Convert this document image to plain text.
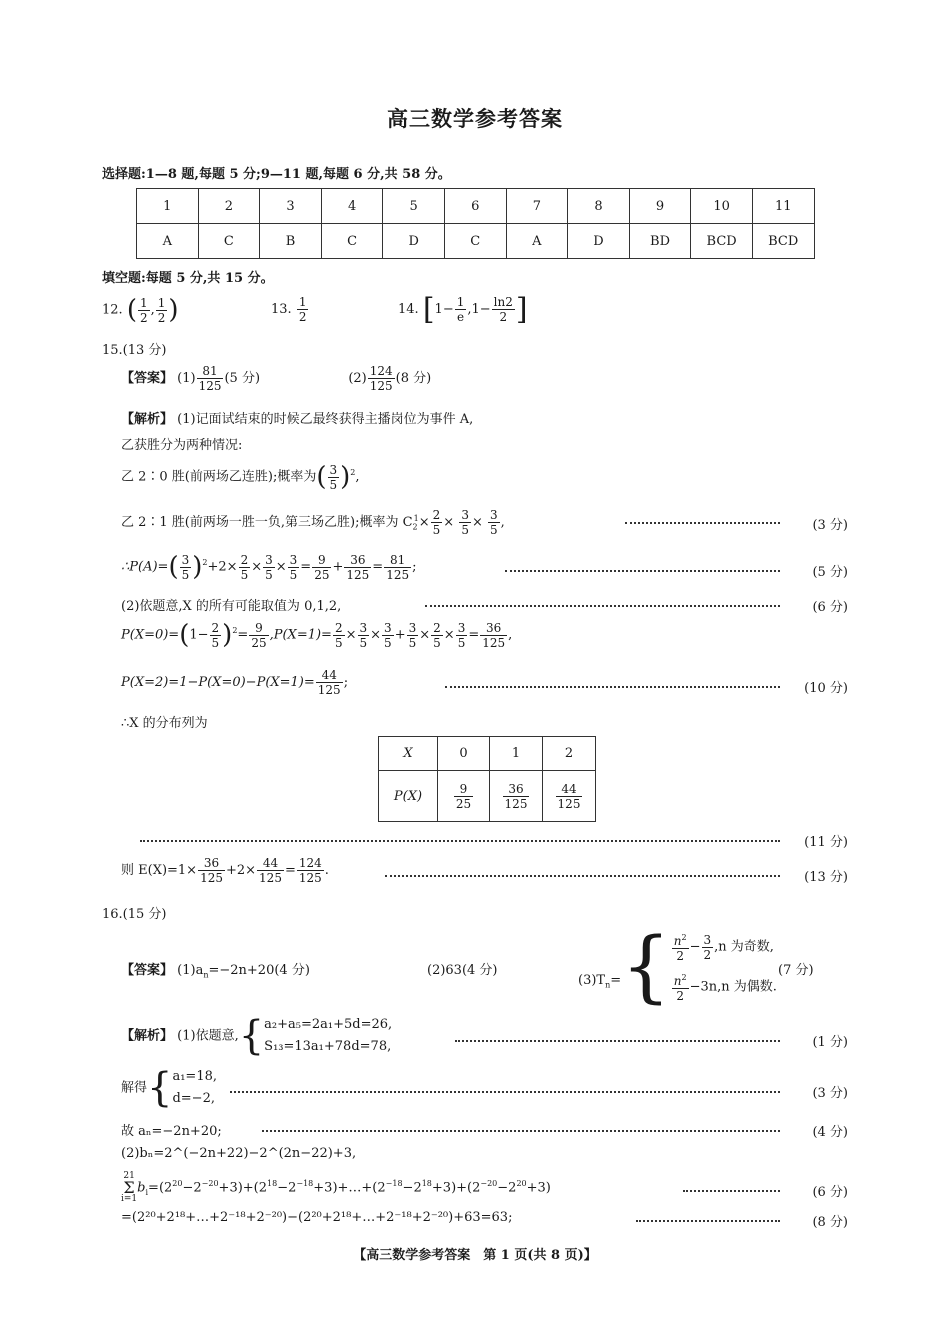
高三数学参考答案
选择题:1—8 题,每题 5 分;9—11 题,每题 6 分,共 58 分。
1	2	3	4	5	6	7	8	9	10	11
A	C	B	C	D	C	A	D	BD	BCD	BCD
填空题:每题 5 分,共 15 分。
12. ( $\frac{1}{2}$ , $\frac{1}{2}$ )	13. $\frac{1}{2}$	14. [$1- \frac{1}{e} ,1- \frac{\ln 2}{2}$ ]
15.(13 分)
【答案】 $(1) \frac{81}{125} (5$ 分)	$(2) \frac{124}{125} (8$ 分)
【解析】 (1)记面试结束的时候乙最终获得主播岗位为事件 A,
乙获胜分为两种情况:
乙 2∶0 胜(前两场乙连胜);概率为( $\frac{3}{5} )^2$,
乙 2∶1 胜(前两场一胜一负,第三场乙胜);概率为 $C_2^1\times \frac{2}{5} \times \frac{3}{5} \times \frac{3}{5}$ ,	(3 分)
∴P(A)=( $\frac{3}{5} )^2+2\times \frac{2}{5} \times \frac{3}{5} \times \frac{3}{5} = \frac{9}{25} + \frac{36}{125} = \frac{81}{125}$ ;	(5 分)
(2)依题意,X 的所有可能取值为 0,1,2,	(6 分)
$P(X=0)=(1- \frac{2}{5} )^2= \frac{9}{25} ,P(X=1)= \frac{2}{5} \times \frac{3}{5} \times \frac{3}{5} + \frac{3}{5} \times \frac{2}{5} \times \frac{3}{5} = \frac{36}{125}$ ,
$P(X=2)=1-P(X=0)-P(X=1)= \frac{44}{125}$ ;	(10 分)
∴X 的分布列为
X	0	1	2
P(X)	$\frac{9}{25}$	$\frac{36}{125}$	$\frac{44}{125}$
(11 分)
则 $E(X)=1\times \frac{36}{125} +2\times \frac{44}{125} = \frac{124}{125}$ .	(13 分)
16.(15 分)
【答案】 $(1)a_n=-2n+20(4$ 分)	(2)63(4 分)
$(3)T_n=\{ \frac{n^2}{2} - \frac{3}{2} ,n$ 为奇数,
$\frac{n^2}{2} -3n,n$ 为偶数.
(7 分)
【解析】 (1)依题意,{ a₂+a₅=2a₁+5d=26,
S₁₃=13a₁+78d=78,	(1 分)
解得{ a₁=18,
d=−2,	(3 分)
故 aₙ=−2n+20;	(4 分)
(2)bₙ=2^(−2n+22)−2^(2n−22)+3,
21
Σ
i=1
$b_i=(2^{20}-2^{-20}+3)+(2^{18}-2^{-18}+3)+\dots+(2^{-18}-2^{18}+3)+(2^{-20}-2^{20}+3)$	(6 分)
=(2²⁰+2¹⁸+…+2⁻¹⁸+2⁻²⁰)−(2²⁰+2¹⁸+…+2⁻¹⁸+2⁻²⁰)+63=63;	(8 分)
【高三数学参考答案　第 1 页(共 8 页)】
